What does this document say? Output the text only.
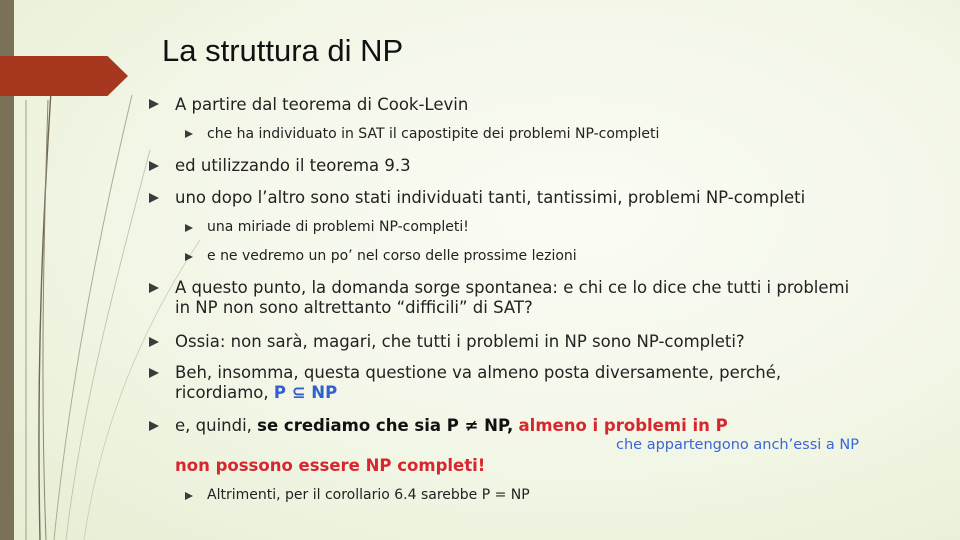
La struttura di NP
A partire dal teorema di Cook-Levin
che ha individuato in SAT il capostipite dei problemi NP-completi
ed utilizzando il teorema 9.3
uno dopo l’altro sono stati individuati tanti, tantissimi, problemi NP-completi
una miriade di problemi NP-completi!
e ne vedremo un po’ nel corso delle prossime lezioni
A questo punto, la domanda sorge spontanea: e chi ce lo dice che tutti i problemi
in NP non sono altrettanto “difficili” di SAT?
Ossia: non sarà, magari, che tutti i problemi in NP sono NP-completi?
Beh, insomma, questa questione va almeno posta diversamente, perché,
ricordiamo, P ⊆ NP
e, quindi, se crediamo che sia P ≠ NP, almeno i problemi in P
che appartengono anch’essi a NP
non possono essere NP completi!
Altrimenti, per il corollario 6.4 sarebbe P = NP
